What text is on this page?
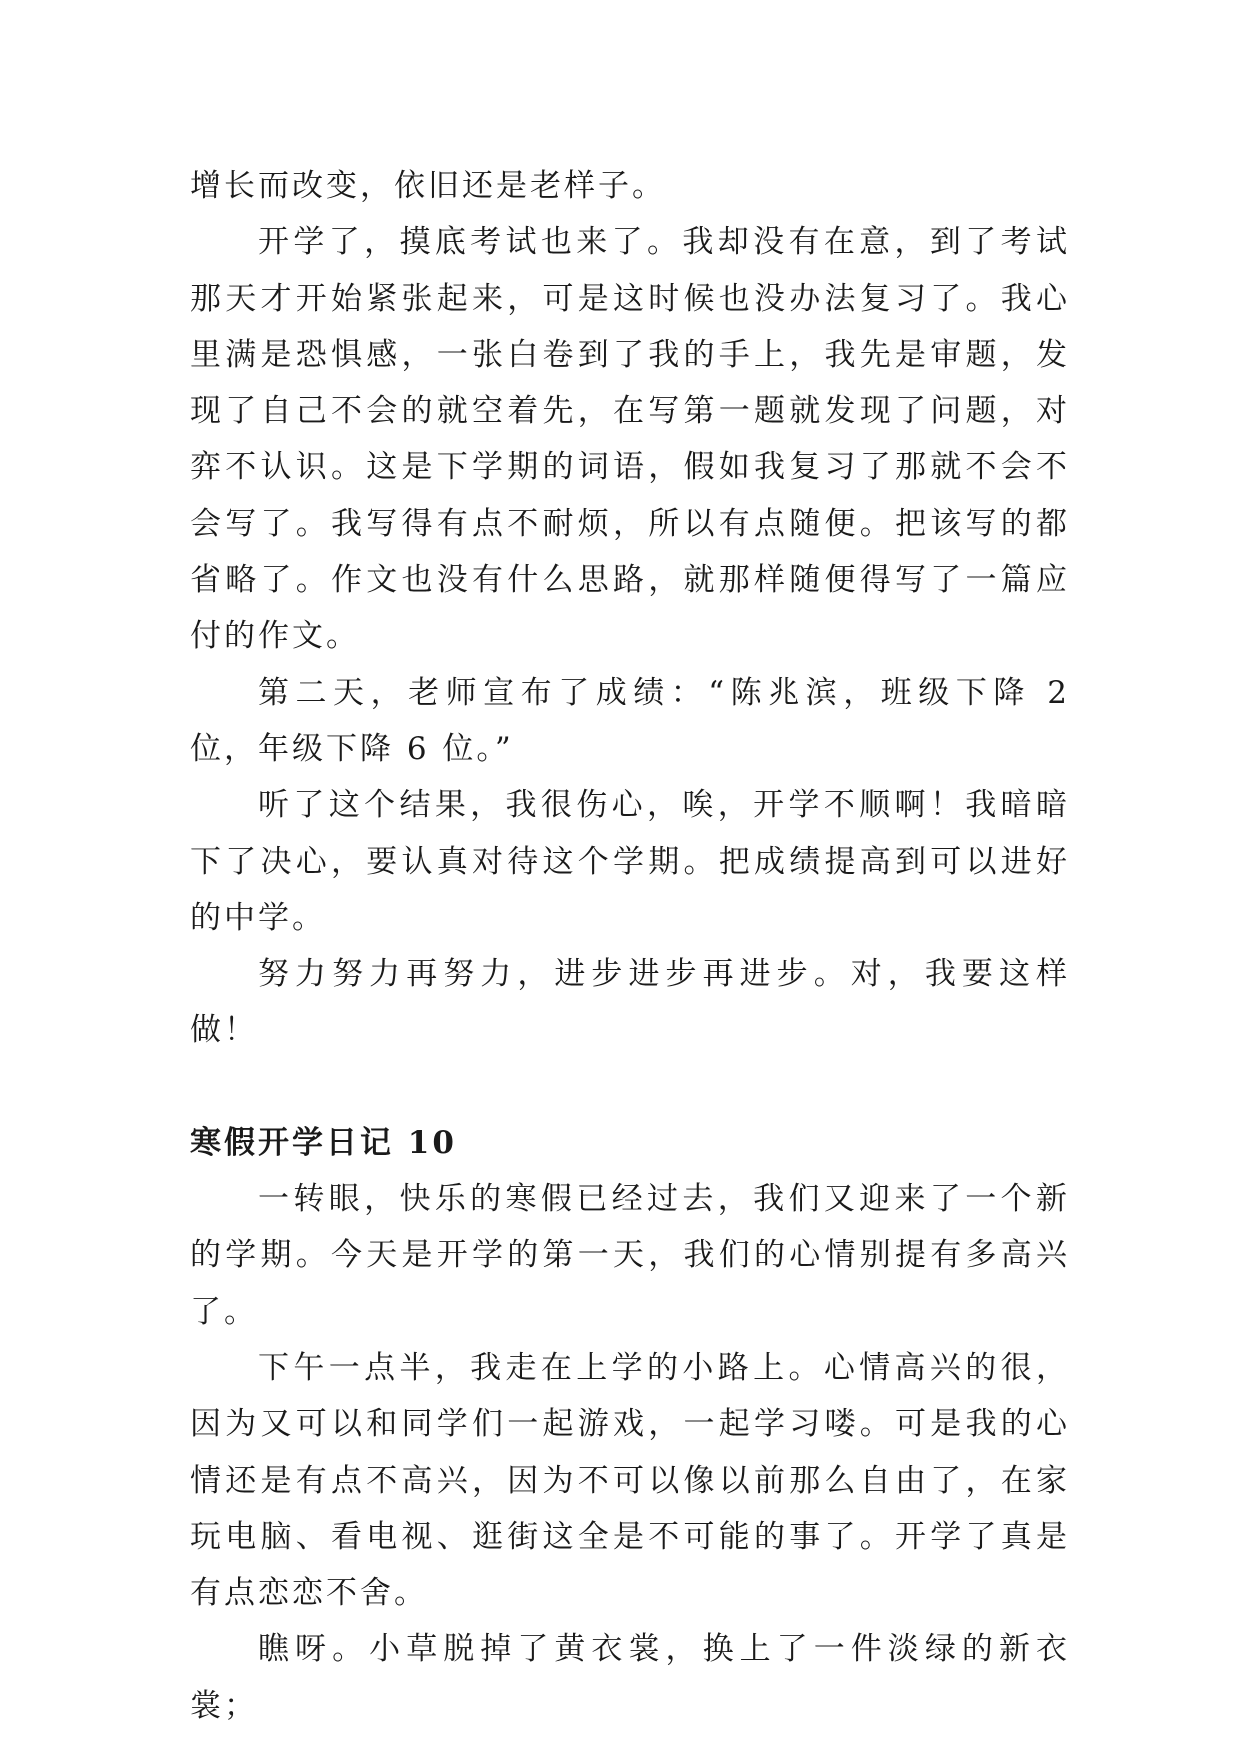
增长而改变，依旧还是老样子。

开学了，摸底考试也来了。我却没有在意，到了考试那天才开始紧张起来，可是这时候也没办法复习了。我心里满是恐惧感，一张白卷到了我的手上，我先是审题，发现了自己不会的就空着先，在写第一题就发现了问题，对弈不认识。这是下学期的词语，假如我复习了那就不会不会写了。我写得有点不耐烦，所以有点随便。把该写的都省略了。作文也没有什么思路，就那样随便得写了一篇应付的作文。

第二天，老师宣布了成绩：“陈兆滨，班级下降 2 位，年级下降 6 位。”

听了这个结果，我很伤心，唉，开学不顺啊！我暗暗下了决心，要认真对待这个学期。把成绩提高到可以进好的中学。

努力努力再努力，进步进步再进步。对，我要这样做！

寒假开学日记 10

一转眼，快乐的寒假已经过去，我们又迎来了一个新的学期。今天是开学的第一天，我们的心情别提有多高兴了。

下午一点半，我走在上学的小路上。心情高兴的很，因为又可以和同学们一起游戏，一起学习喽。可是我的心情还是有点不高兴，因为不可以像以前那么自由了，在家玩电脑、看电视、逛街这全是不可能的事了。开学了真是有点恋恋不舍。

瞧呀。小草脱掉了黄衣裳，换上了一件淡绿的新衣裳；
